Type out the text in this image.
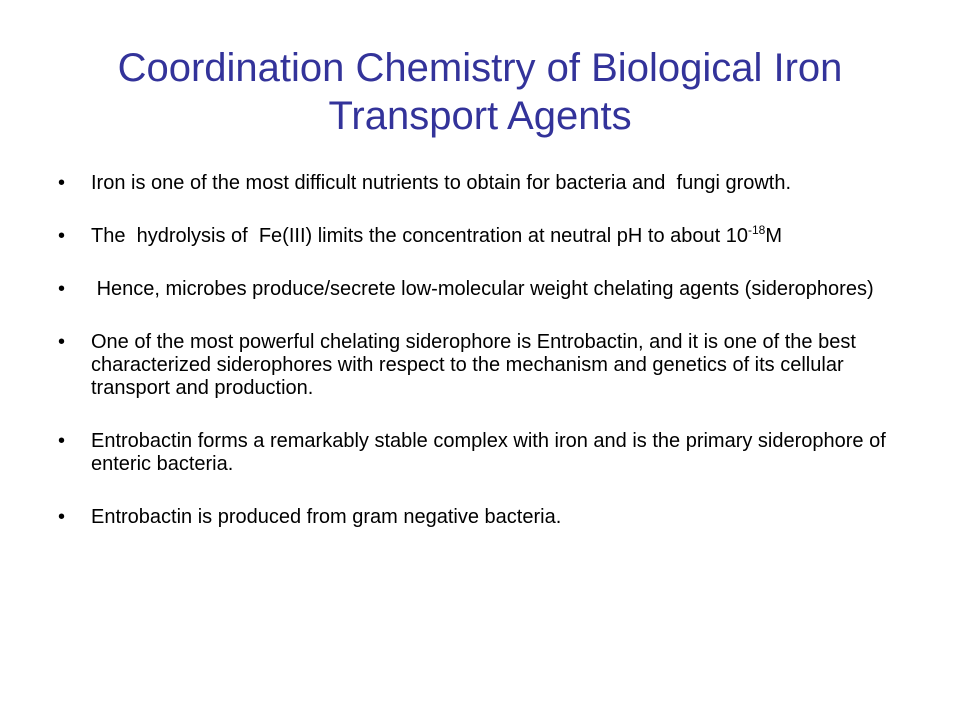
Coordination Chemistry of Biological Iron Transport Agents
• Iron is one of the most difficult nutrients to obtain for bacteria and  fungi growth.
• The  hydrolysis of  Fe(III) limits the concentration at neutral pH to about $10^{-18}M$
• Hence, microbes produce/secrete low-molecular weight chelating agents (siderophores)
• One of the most powerful chelating siderophore is Entrobactin, and it is one of the best characterized siderophores with respect to the mechanism and genetics of its cellular transport and production.
• Entrobactin forms a remarkably stable complex with iron and is the primary siderophore of enteric bacteria.
• Entrobactin is produced from gram negative bacteria.
